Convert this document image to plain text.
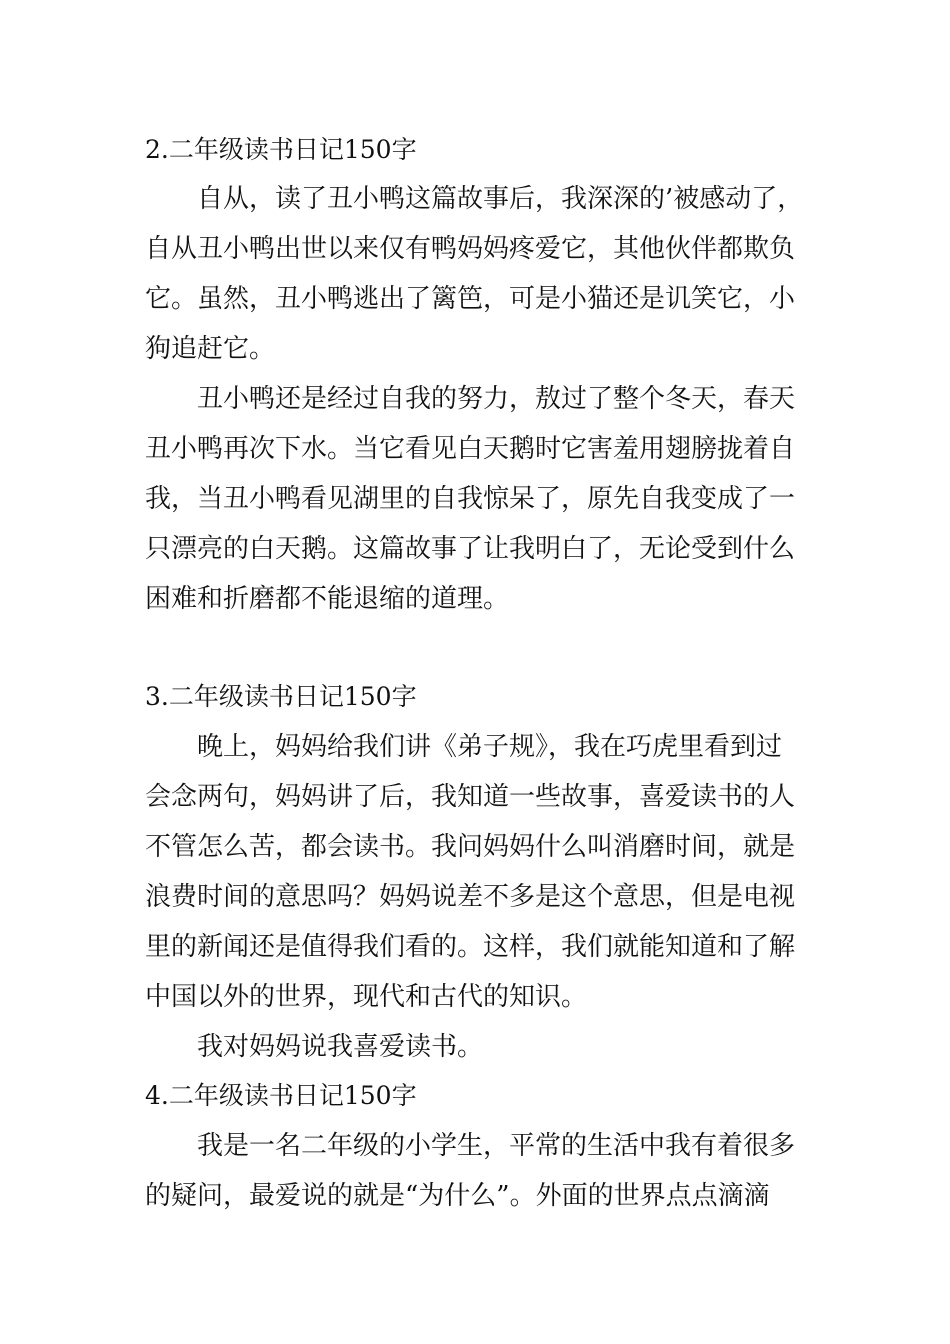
2.二年级读书日记150字
自从，读了丑小鸭这篇故事后，我深深的’被感动了，
自从丑小鸭出世以来仅有鸭妈妈疼爱它，其他伙伴都欺负
它。虽然，丑小鸭逃出了篱笆，可是小猫还是讥笑它，小
狗追赶它。
丑小鸭还是经过自我的努力，敖过了整个冬天，春天
丑小鸭再次下水。当它看见白天鹅时它害羞用翅膀拢着自
我，当丑小鸭看见湖里的自我惊呆了，原先自我变成了一
只漂亮的白天鹅。这篇故事了让我明白了，无论受到什么
困难和折磨都不能退缩的道理。
3.二年级读书日记150字
晚上，妈妈给我们讲《弟子规》，我在巧虎里看到过
会念两句，妈妈讲了后，我知道一些故事，喜爱读书的人
不管怎么苦，都会读书。我问妈妈什么叫消磨时间，就是
浪费时间的意思吗？妈妈说差不多是这个意思，但是电视
里的新闻还是值得我们看的。这样，我们就能知道和了解
中国以外的世界，现代和古代的知识。
我对妈妈说我喜爱读书。
4.二年级读书日记150字
我是一名二年级的小学生，平常的生活中我有着很多
的疑问，最爱说的就是“为什么”。外面的世界点点滴滴
